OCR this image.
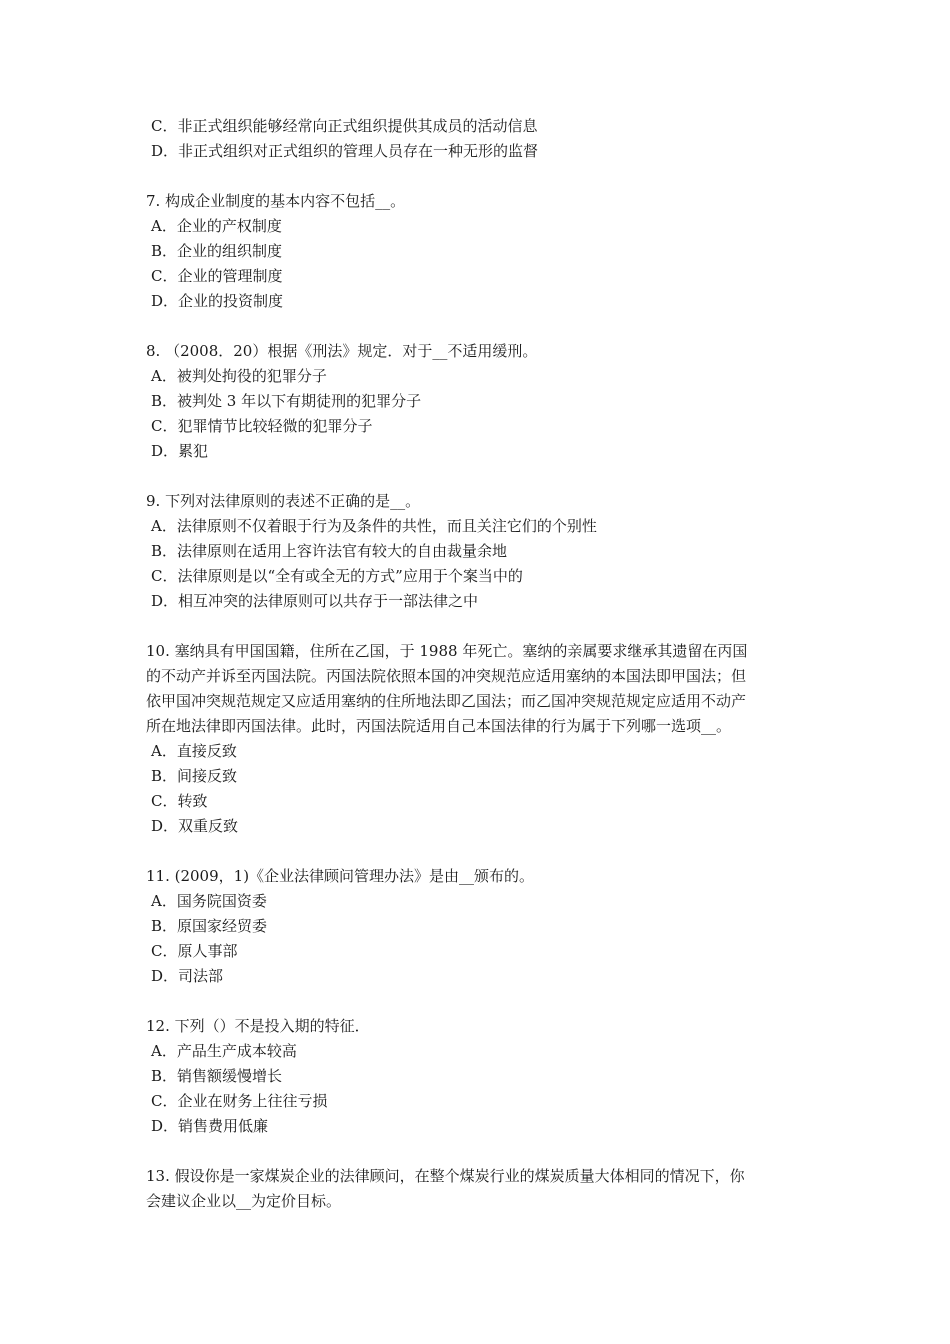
C．非正式组织能够经常向正式组织提供其成员的活动信息
D．非正式组织对正式组织的管理人员存在一种无形的监督
7. 构成企业制度的基本内容不包括__。
A．企业的产权制度
B．企业的组织制度
C．企业的管理制度
D．企业的投资制度
8. （2008．20）根据《刑法》规定．对于__不适用缓刑。
A．被判处拘役的犯罪分子
B．被判处 3 年以下有期徒刑的犯罪分子
C．犯罪情节比较轻微的犯罪分子
D．累犯
9. 下列对法律原则的表述不正确的是__。
A．法律原则不仅着眼于行为及条件的共性，而且关注它们的个别性
B．法律原则在适用上容许法官有较大的自由裁量余地
C．法律原则是以“全有或全无的方式”应用于个案当中的
D．相互冲突的法律原则可以共存于一部法律之中
10. 塞纳具有甲国国籍，住所在乙国，于 1988 年死亡。塞纳的亲属要求继承其遗留在丙国
的不动产并诉至丙国法院。丙国法院依照本国的冲突规范应适用塞纳的本国法即甲国法；但
依甲国冲突规范规定又应适用塞纳的住所地法即乙国法；而乙国冲突规范规定应适用不动产
所在地法律即丙国法律。此时，丙国法院适用自己本国法律的行为属于下列哪一选项__。
A．直接反致
B．间接反致
C．转致
D．双重反致
11. (2009，1)《企业法律顾问管理办法》是由__颁布的。
A．国务院国资委
B．原国家经贸委
C．原人事部
D．司法部
12. 下列（）不是投入期的特征．
A．产品生产成本较高
B．销售额缓慢增长
C．企业在财务上往往亏损
D．销售费用低廉
13. 假设你是一家煤炭企业的法律顾问，在整个煤炭行业的煤炭质量大体相同的情况下，你
会建议企业以__为定价目标。
